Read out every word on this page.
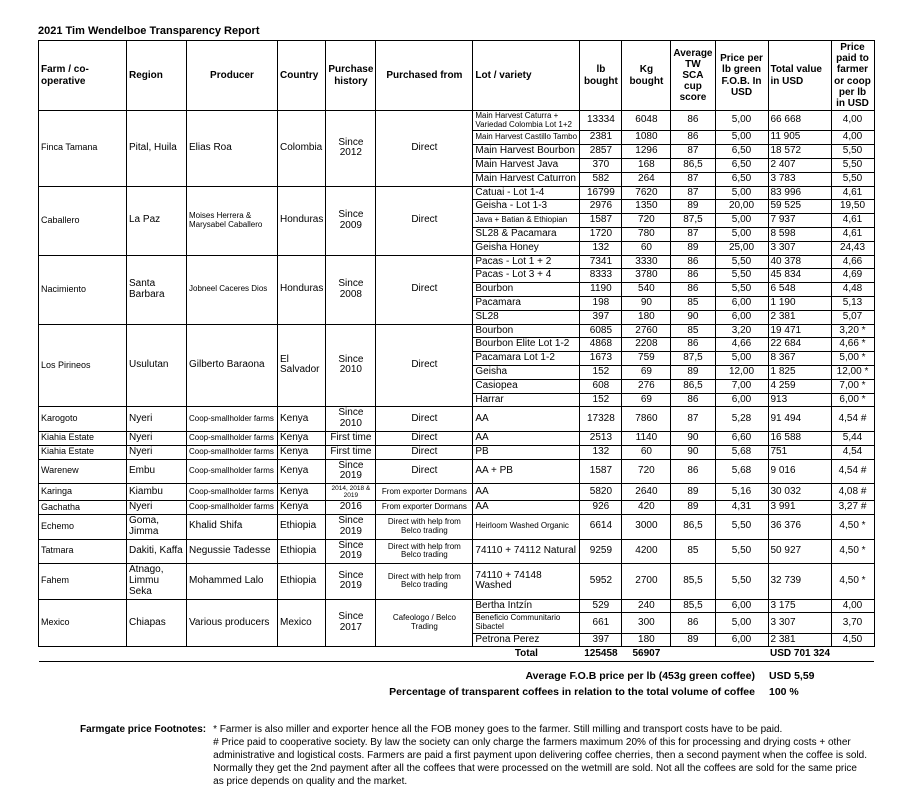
2021 Tim Wendelboe Transparency Report
Farm / co-operative	Region	Producer	Country	Purchase history	Purchased from	Lot / variety	lb bought	Kg bought	Average TW SCA cup score	Price per lb green F.O.B. In USD	Total value in USD	Price paid to farmer or coop per lb in USD
Finca Tamana	Pital, Huila	Elias Roa	Colombia	Since 2012	Direct	Main Harvest Caturra + Variedad Colombia Lot 1+2	13334	6048	86	5,00	66 668	4,00
						Main Harvest Castillo Tambo	2381	1080	86	5,00	11 905	4,00
						Main Harvest Bourbon	2857	1296	87	6,50	18 572	5,50
						Main Harvest Java	370	168	86,5	6,50	2 407	5,50
						Main Harvest Caturron	582	264	87	6,50	3 783	5,50
Caballero	La Paz	Moises Herrera & Marysabel Caballero	Honduras	Since 2009	Direct	Catuai - Lot 1-4	16799	7620	87	5,00	83 996	4,61
						Geisha - Lot 1-3	2976	1350	89	20,00	59 525	19,50
						Java + Batian & Ethiopian	1587	720	87,5	5,00	7 937	4,61
						SL28 & Pacamara	1720	780	87	5,00	8 598	4,61
						Geisha Honey	132	60	89	25,00	3 307	24,43
Nacimiento	Santa Barbara	Jobneel Caceres Dios	Honduras	Since 2008	Direct	Pacas - Lot 1 + 2	7341	3330	86	5,50	40 378	4,66
						Pacas - Lot 3 + 4	8333	3780	86	5,50	45 834	4,69
						Bourbon	1190	540	86	5,50	6 548	4,48
						Pacamara	198	90	85	6,00	1 190	5,13
						SL28	397	180	90	6,00	2 381	5,07
Los Pirineos	Usulutan	Gilberto Baraona	El Salvador	Since 2010	Direct	Bourbon	6085	2760	85	3,20	19 471	3,20 *
						Bourbon Elite Lot 1-2	4868	2208	86	4,66	22 684	4,66 *
						Pacamara Lot 1-2	1673	759	87,5	5,00	8 367	5,00 *
						Geisha	152	69	89	12,00	1 825	12,00 *
						Casiopea	608	276	86,5	7,00	4 259	7,00 *
						Harrar	152	69	86	6,00	913	6,00 *
Karogoto	Nyeri	Coop-smallholder farms	Kenya	Since 2010	Direct	AA	17328	7860	87	5,28	91 494	4,54 #
Kiahia Estate	Nyeri	Coop-smallholder farms	Kenya	First time	Direct	AA	2513	1140	90	6,60	16 588	5,44
Kiahia Estate	Nyeri	Coop-smallholder farms	Kenya	First time	Direct	PB	132	60	90	5,68	751	4,54
Warenew	Embu	Coop-smallholder farms	Kenya	Since 2019	Direct	AA + PB	1587	720	86	5,68	9 016	4,54 #
Karinga	Kiambu	Coop-smallholder farms	Kenya	2014, 2018 & 2019	From exporter Dormans	AA	5820	2640	89	5,16	30 032	4,08 #
Gachatha	Nyeri	Coop-smallholder farms	Kenya	2016	From exporter Dormans	AA	926	420	89	4,31	3 991	3,27 #
Echemo	Goma, Jimma	Khalid Shifa	Ethiopia	Since 2019	Direct with help from Belco trading	Heirloom Washed Organic	6614	3000	86,5	5,50	36 376	4,50 *
Tatmara	Dakiti, Kaffa	Negussie Tadesse	Ethiopia	Since 2019	Direct with help from Belco trading	74110 + 74112 Natural	9259	4200	85	5,50	50 927	4,50 *
Fahem	Atnago, Limmu Seka	Mohammed Lalo	Ethiopia	Since 2019	Direct with help from Belco trading	74110 + 74148 Washed	5952	2700	85,5	5,50	32 739	4,50 *
Mexico	Chiapas	Various producers	Mexico	Since 2017	Cafeologo / Belco Trading	Bertha Intzín	529	240	85,5	6,00	3 175	4,00
						Beneficio Communitario Sibactel	661	300	86	5,00	3 307	3,70
						Petrona Perez	397	180	89	6,00	2 381	4,50
						Total	125458	56907			USD 701 324	
Average F.O.B price per lb (453g green coffee) USD 5,59
Percentage of transparent coffees in relation to the total volume of coffee 100 %
Farmgate price Footnotes: * Farmer is also miller and exporter hence all the FOB money goes to the farmer. Still milling and transport costs have to be paid.

# Price paid to cooperative society. By law the society can only charge the farmers maximum 20% of this for processing and drying costs + other administrative and logistical costs. Farmers are paid a first payment upon delivering coffee cherries, then a second payment when the coffee is sold. Normally they get the 2nd payment after all the coffees that were processed on the wetmill are sold. Not all the coffees are sold for the same price as price depends on quality and the market.
